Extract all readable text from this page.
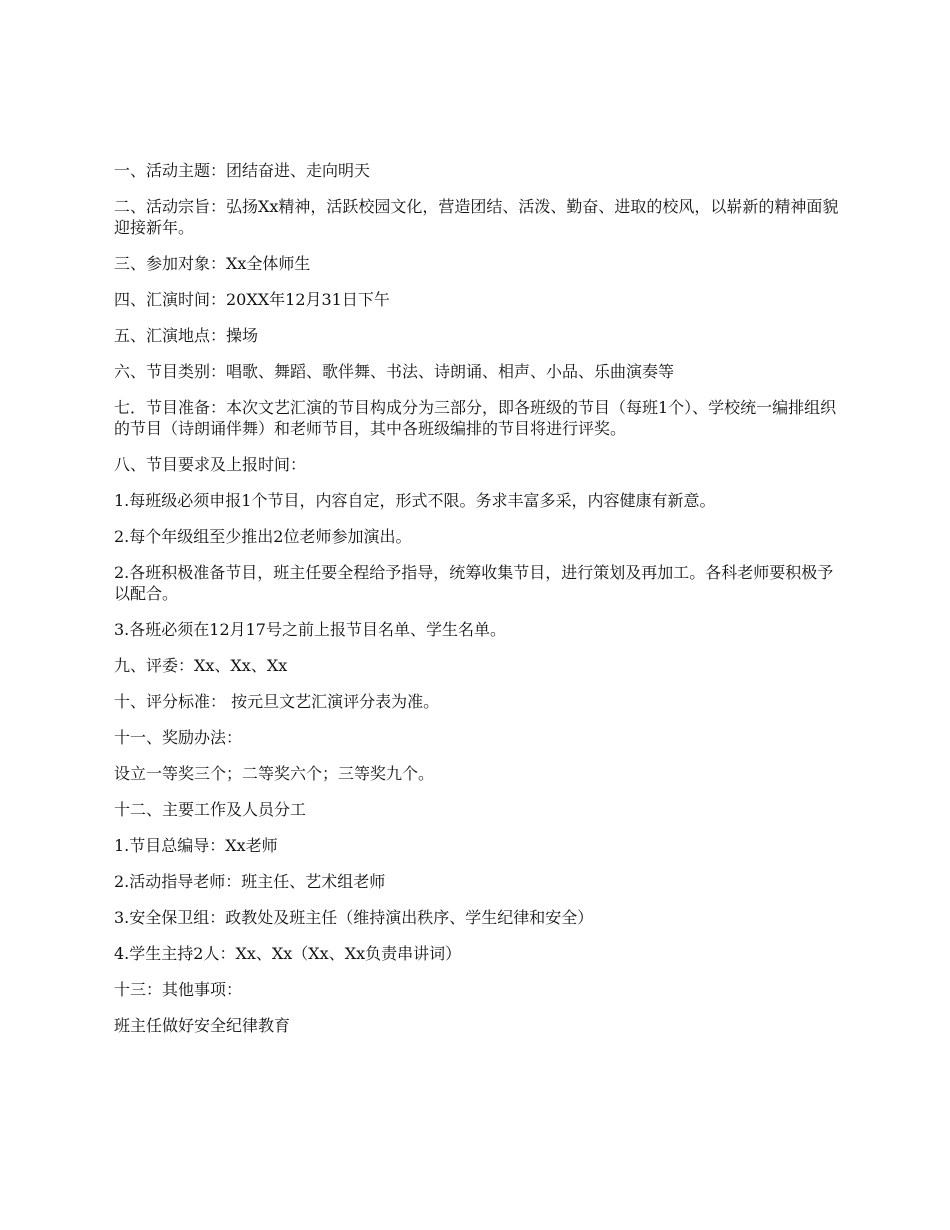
一、活动主题：团结奋进、走向明天

二、活动宗旨：弘扬Xx精神，活跃校园文化，营造团结、活泼、勤奋、进取的校风，以崭新的精神面貌迎接新年。

三、参加对象：Xx全体师生

四、汇演时间：20XX年12月31日下午

五、汇演地点：操场

六、节目类别：唱歌、舞蹈、歌伴舞、书法、诗朗诵、相声、小品、乐曲演奏等

七．节目准备：本次文艺汇演的节目构成分为三部分，即各班级的节目（每班1个）、学校统一编排组织的节目（诗朗诵伴舞）和老师节目，其中各班级编排的节目将进行评奖。

八、节目要求及上报时间：

1.每班级必须申报1个节目，内容自定，形式不限。务求丰富多采，内容健康有新意。

2.每个年级组至少推出2位老师参加演出。

2.各班积极准备节目，班主任要全程给予指导，统筹收集节目，进行策划及再加工。各科老师要积极予以配合。

3.各班必须在12月17号之前上报节目名单、学生名单。

九、评委：Xx、Xx、Xx

十、评分标准： 按元旦文艺汇演评分表为准。

十一、奖励办法：

设立一等奖三个；二等奖六个；三等奖九个。

十二、主要工作及人员分工

1.节目总编导：Xx老师

2.活动指导老师：班主任、艺术组老师

3.安全保卫组：政教处及班主任（维持演出秩序、学生纪律和安全）

4.学生主持2人：Xx、Xx（Xx、Xx负责串讲词）

十三：其他事项：

班主任做好安全纪律教育
